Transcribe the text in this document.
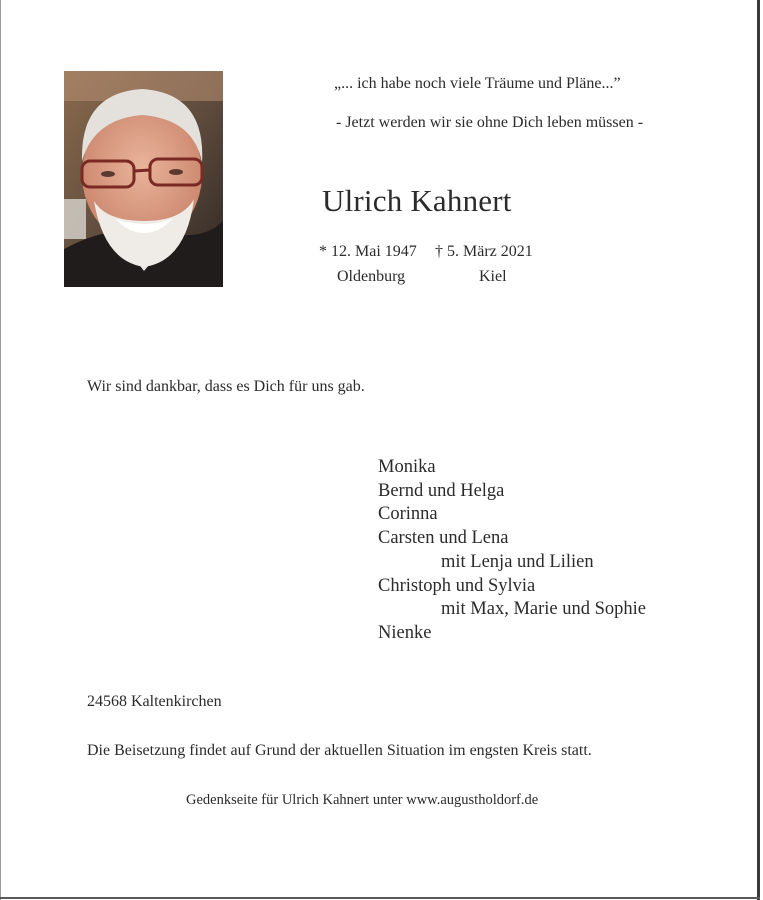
„... ich habe noch viele Träume und Pläne...”
- Jetzt werden wir sie ohne Dich leben müssen -
Ulrich Kahnert
* 12. Mai 1947 † 5. März 2021
Oldenburg	Kiel
Wir sind dankbar, dass es Dich für uns gab.
Monika
Bernd und Helga
Corinna
Carsten und Lena
mit Lenja und Lilien
Christoph und Sylvia
mit Max, Marie und Sophie
Nienke
24568 Kaltenkirchen
Die Beisetzung findet auf Grund der aktuellen Situation im engsten Kreis statt.
Gedenkseite für Ulrich Kahnert unter www.augustholdorf.de
